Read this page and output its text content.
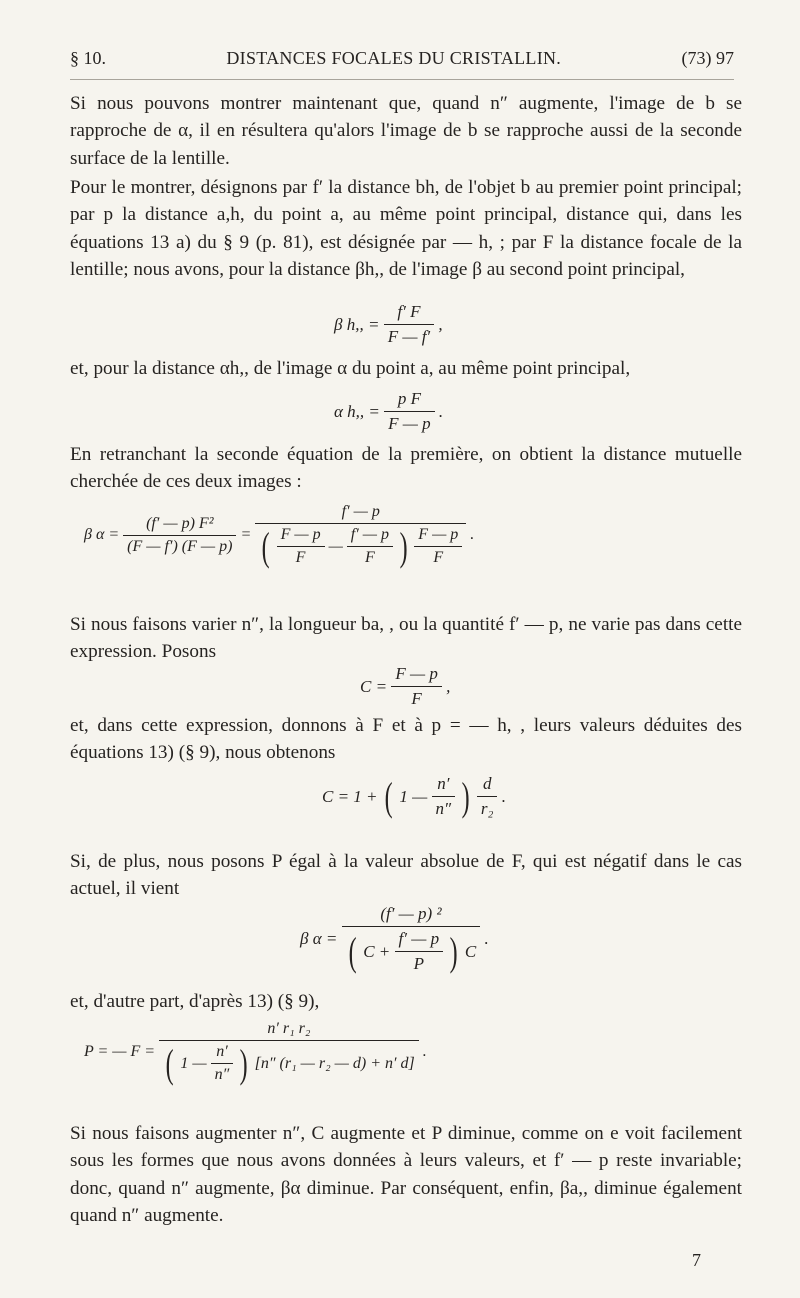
§ 10.	DISTANCES FOCALES DU CRISTALLIN.	(73) 97

Si nous pouvons montrer maintenant que, quand n″ augmente, l'image de b se rapproche de α, il en résultera qu'alors l'image de b se rapproche aussi de la seconde surface de la lentille.

Pour le montrer, désignons par f′ la distance bh, de l'objet b au premier point principal; par p la distance a,h, du point a, au même point principal, distance qui, dans les équations 13 a) du § 9 (p. 81), est désignée par — h, ; par F la distance focale de la lentille; nous avons, pour la distance βh,, de l'image β au second point principal,

β h,, = $\frac{f' F}{F — f'}$ ,

et, pour la distance αh,, de l'image α du point a, au même point principal,

α h,, = $\frac{\text{p F}}{F — p}$ .

En retranchant la seconde équation de la première, on obtient la distance mutuelle cherchée de ces deux images :

β $\alpha = \frac{\text{(f′ — p) F²}}{(F — f') (F — p)}$ =
f′ — p
( $\frac{F — p}{F}$ — $\frac{f' — p}{F}$ ) $\frac{F — p}{F}$ .

Si nous faisons varier n″, la longueur ba, , ou la quantité f′ — p, ne varie pas dans cette expression. Posons

$C = \frac{F — p}{F}$ ,

et, dans cette expression, donnons à F et à p = — h, , leurs valeurs déduites des équations 13) (§ 9), nous obtenons

C = 1 + ( 1 — $\frac{n'}{n''}$ ) $\frac{d}{\text{r₂}}$ .

Si, de plus, nous posons P égal à la valeur absolue de F, qui est négatif dans le cas actuel, il vient

β $\alpha = \frac{\text{(f′ — p) ²}}{( C + \frac{f' — p}{P} ) C}$ .

et, d'autre part, d'après 13) (§ 9),

P = — F =
n′ r₁ r₂
( 1 — $\frac{n'}{n''}$ ) [n″ (r₁ — r₂ — d) + n′ d]
.

Si nous faisons augmenter n″, C augmente et P diminue, comme on e voit facilement sous les formes que nous avons données à leurs valeurs, et f′ — p reste invariable; donc, quand n″ augmente, βα diminue. Par conséquent, enfin, βa,, diminue également quand n″ augmente.

7
